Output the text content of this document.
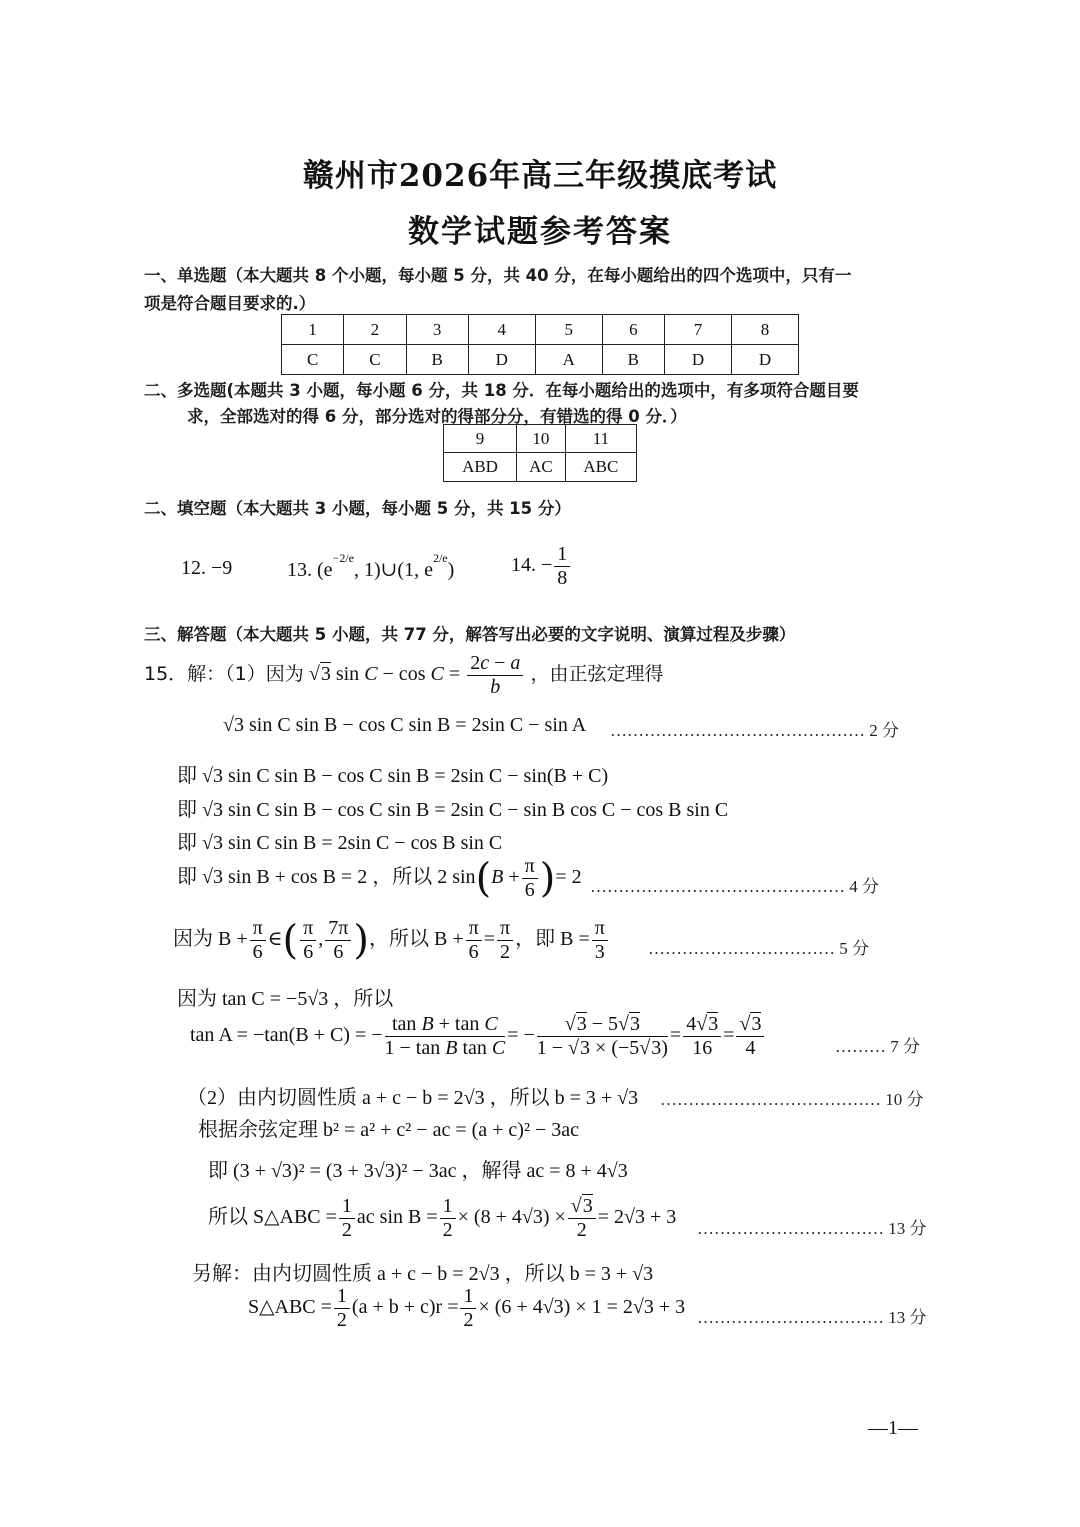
赣州市2026年高三年级摸底考试
数学试题参考答案
一、单选题（本大题共 8 个小题，每小题 5 分，共 40 分，在每小题给出的四个选项中，只有一
项是符合题目要求的.）
1	2	3	4	5	6	7	8
C	C	B	D	A	B	D	D
二、多选题(本题共 3 小题，每小题 6 分，共 18 分．在每小题给出的选项中，有多项符合题目要
求，全部选对的得 6 分，部分选对的得部分分，有错选的得 0 分．）
9	10	11
ABD	AC	ABC
二、填空题（本大题共 3 小题，每小题 5 分，共 15 分）
12. −9	13. ($e^{-2/e}$, 1)∪(1, $e^{2/e}$)	14. − $\frac{1}{8}$
三、解答题（本大题共 5 小题，共 77 分，解答写出必要的文字说明、演算过程及步骤）
15．解：（1）因为 √3 $\sin C - \cos C = \frac{2c - a}{b}$ ，由正弦定理得
√3 sin C sin B − cos C sin B = 2sin C − sin A ……………………………………… 2 分
即 √3 sin C sin B − cos C sin B = 2sin C − sin(B + C)
即 √3 sin C sin B − cos C sin B = 2sin C − sin B cos C − cos B sin C
即 √3 sin C sin B = 2sin C − cos B sin C
即 √3 sin B + cos B = 2 ，所以 2 $\sin(B + \frac{\pi}{6}$ )= 2 ……………………………………… 4 分
因为 $B + \frac{\pi}{6}$ ∈( $\frac{\pi}{6}$ , $\frac{7\pi}{6}$ )，所以 $B + \frac{\pi}{6} = \frac{\pi}{2}$ ，即 $B = \frac{\pi}{3}$ …………………………… 5 分
因为 tan C = −5√3 ，所以
tan A = −tan(B + C) = − $\frac{\text{tan B + tan C}}{\text{1 − tan B tan C}}$ = − $\frac{√3 - 5√3}{1 - √3 \times (-5√3)} = \frac{4√3}{16} = \frac{√3}{4}$	……… 7 分
（2）由内切圆性质 a + c − b = 2√3 ，所以 b = 3 + √3 ………………………………… 10 分
根据余弦定理 b² = a² + c² − ac = (a + c)² − 3ac
即 (3 + √3)² = (3 + 3√3)² − 3ac ，解得 ac = 8 + 4√3
所以 S△ABC = $\frac{1}{2}$ ac $\sin B = \frac{1}{2} \times (8 + 4√3) \times \frac{√3}{2} = 2√3 + 3$
…………………………… 13 分
另解：由内切圆性质 a + c − b = 2√3 ，所以 b = 3 + √3
S△ABC = $\frac{1}{2} (a + b + c)r = \frac{1}{2} \times (6 + 4√3) \times 1 = 2√3 + 3$ …………………………… 13 分
—1—
